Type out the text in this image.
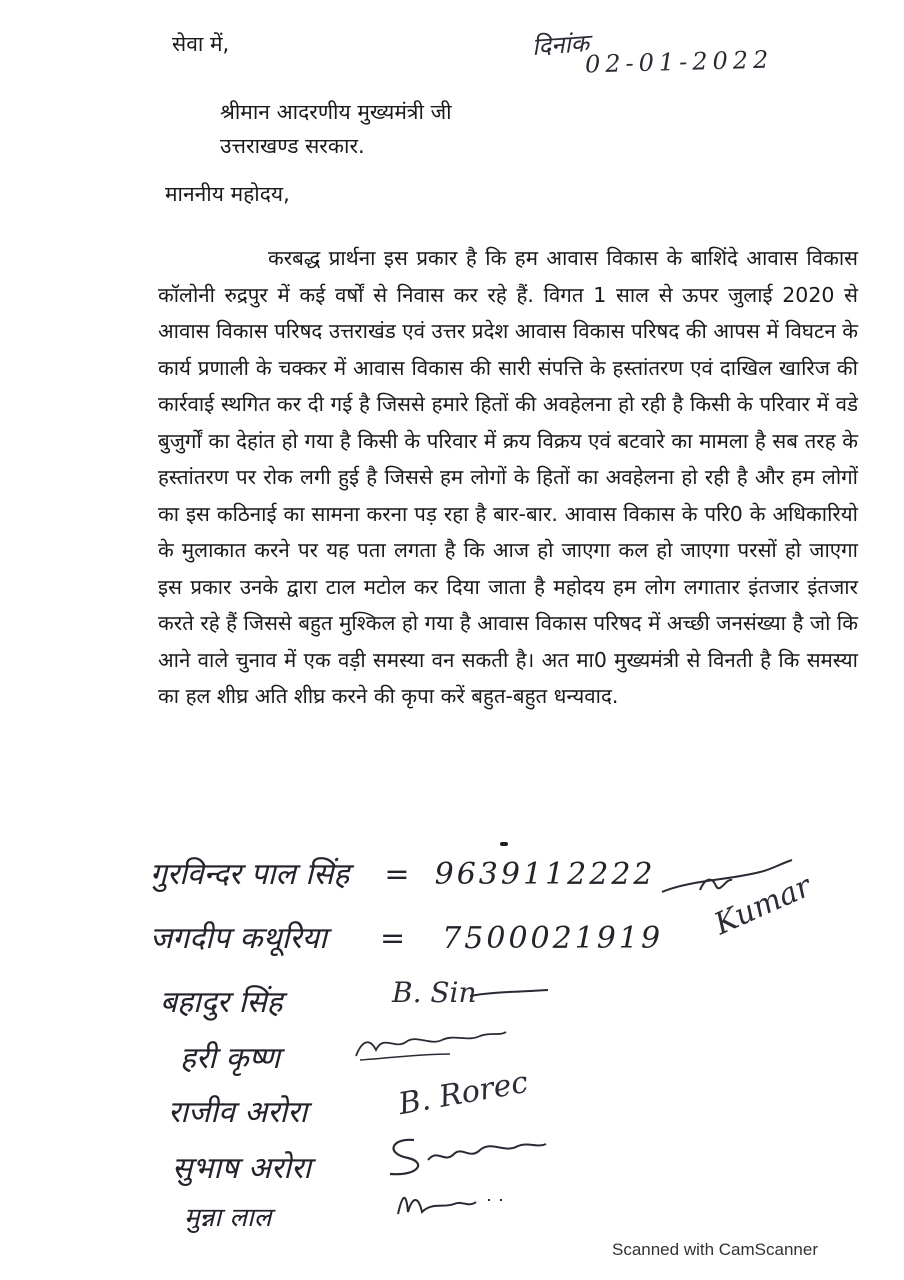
सेवा में,	दिनांक
02-01-2022
श्रीमान आदरणीय मुख्यमंत्री जी
उत्तराखण्ड सरकार.
माननीय महोदय,

करबद्ध प्रार्थना इस प्रकार है कि हम आवास विकास के बाशिंदे आवास विकास कॉलोनी रुद्रपुर में कई वर्षों से निवास कर रहे हैं. विगत 1 साल से ऊपर जुलाई 2020 से आवास विकास परिषद उत्तराखंड एवं उत्तर प्रदेश आवास विकास परिषद की आपस में विघटन के कार्य प्रणाली के चक्कर में आवास विकास की सारी संपत्ति के हस्तांतरण एवं दाखिल खारिज की कार्रवाई स्थगित कर दी गई है जिससे हमारे हितों की अवहेलना हो रही है किसी के परिवार में वडे बुजुर्गों का देहांत हो गया है किसी के परिवार में क्रय विक्रय एवं बटवारे का मामला है सब तरह के हस्तांतरण पर रोक लगी हुई है जिससे हम लोगों के हितों का अवहेलना हो रही है और हम लोगों का इस कठिनाई का सामना करना पड़ रहा है बार-बार. आवास विकास के परि0 के अधिकारियो के मुलाकात करने पर यह पता लगता है कि आज हो जाएगा कल हो जाएगा परसों हो जाएगा इस प्रकार उनके द्वारा टाल मटोल कर दिया जाता है महोदय हम लोग लगातार इंतजार इंतजार करते रहे हैं जिससे बहुत मुश्किल हो गया है आवास विकास परिषद में अच्छी जनसंख्या है जो कि आने वाले चुनाव में एक वड़ी समस्या वन सकती है। अत मा0 मुख्यमंत्री से विनती है कि समस्या का हल शीघ्र अति शीघ्र करने की कृपा करें बहुत-बहुत धन्यवाद.

गुरविन्दर पाल सिंह = 9639112222
जगदीप कथूरिया = 7500021919
बहादुर सिंह
हरी कृष्ण
राजीव अरोरा
सुभाष अरोरा
मुन्ना लाल
Kumar
B. Sin
B. Rorec
Scanned with CamScanner
